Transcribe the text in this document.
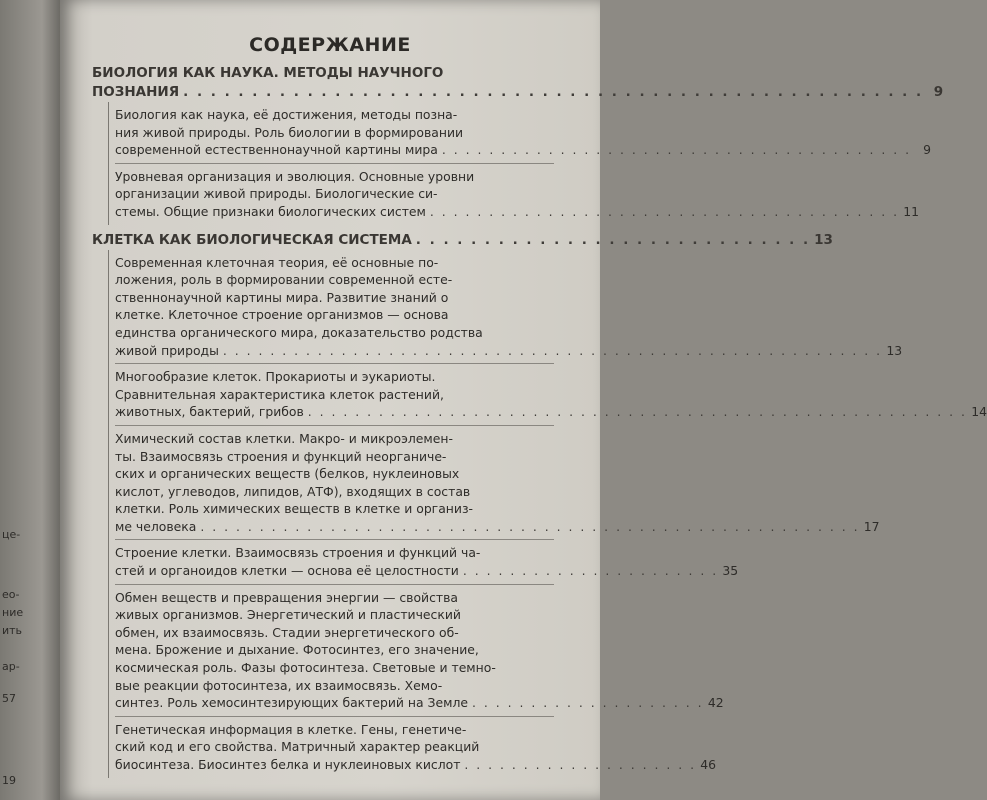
це-
ео-
ние
ить
ар-
57
19
СОДЕРЖАНИЕ
БИОЛОГИЯ КАК НАУКА. МЕТОДЫ НАУЧНОГО
ПОЗНАНИЯ . . . . . . . . . . . . . . . . . . . . . . . . . . . . . . . . . . . . . . . . . . . . . . . . . . . . . . 9
Биология как наука, её достижения, методы позна-
ния живой природы. Роль биологии в формировании
современной естественнонаучной картины мира . . . . . . . . . . . . . . . . . . . . . . . . . . . . . . . . . . . . . . . . 9
Уровневая организация и эволюция. Основные уровни
организации живой природы. Биологические си-
стемы. Общие признаки биологических систем . . . . . . . . . . . . . . . . . . . . . . . . . . . . . . . . . . . . . . . . 11
КЛЕТКА КАК БИОЛОГИЧЕСКАЯ СИСТЕМА . . . . . . . . . . . . . . . . . . . . . . . . . . . . . 13
Современная клеточная теория, её основные по-
ложения, роль в формировании современной есте-
ственнонаучной картины мира. Развитие знаний о
клетке. Клеточное строение организмов — основа
единства органического мира, доказательство родства
живой природы . . . . . . . . . . . . . . . . . . . . . . . . . . . . . . . . . . . . . . . . . . . . . . . . . . . . . . . . 13
Многообразие клеток. Прокариоты и эукариоты.
Сравнительная характеристика клеток растений,
животных, бактерий, грибов . . . . . . . . . . . . . . . . . . . . . . . . . . . . . . . . . . . . . . . . . . . . . . . . . . . . . . . . 14
Химический состав клетки. Макро- и микроэлемен-
ты. Взаимосвязь строения и функций неорганиче-
ских и органических веществ (белков, нуклеиновых
кислот, углеводов, липидов, АТФ), входящих в состав
клетки. Роль химических веществ в клетке и организ-
ме человека . . . . . . . . . . . . . . . . . . . . . . . . . . . . . . . . . . . . . . . . . . . . . . . . . . . . . . . . 17
Строение клетки. Взаимосвязь строения и функций ча-
стей и органоидов клетки — основа её целостности . . . . . . . . . . . . . . . . . . . . . . 35
Обмен веществ и превращения энергии — свойства
живых организмов. Энергетический и пластический
обмен, их взаимосвязь. Стадии энергетического об-
мена. Брожение и дыхание. Фотосинтез, его значение,
космическая роль. Фазы фотосинтеза. Световые и темно-
вые реакции фотосинтеза, их взаимосвязь. Хемо-
синтез. Роль хемосинтезирующих бактерий на Земле . . . . . . . . . . . . . . . . . . . . 42
Генетическая информация в клетке. Гены, генетиче-
ский код и его свойства. Матричный характер реакций
биосинтеза. Биосинтез белка и нуклеиновых кислот . . . . . . . . . . . . . . . . . . . . 46
